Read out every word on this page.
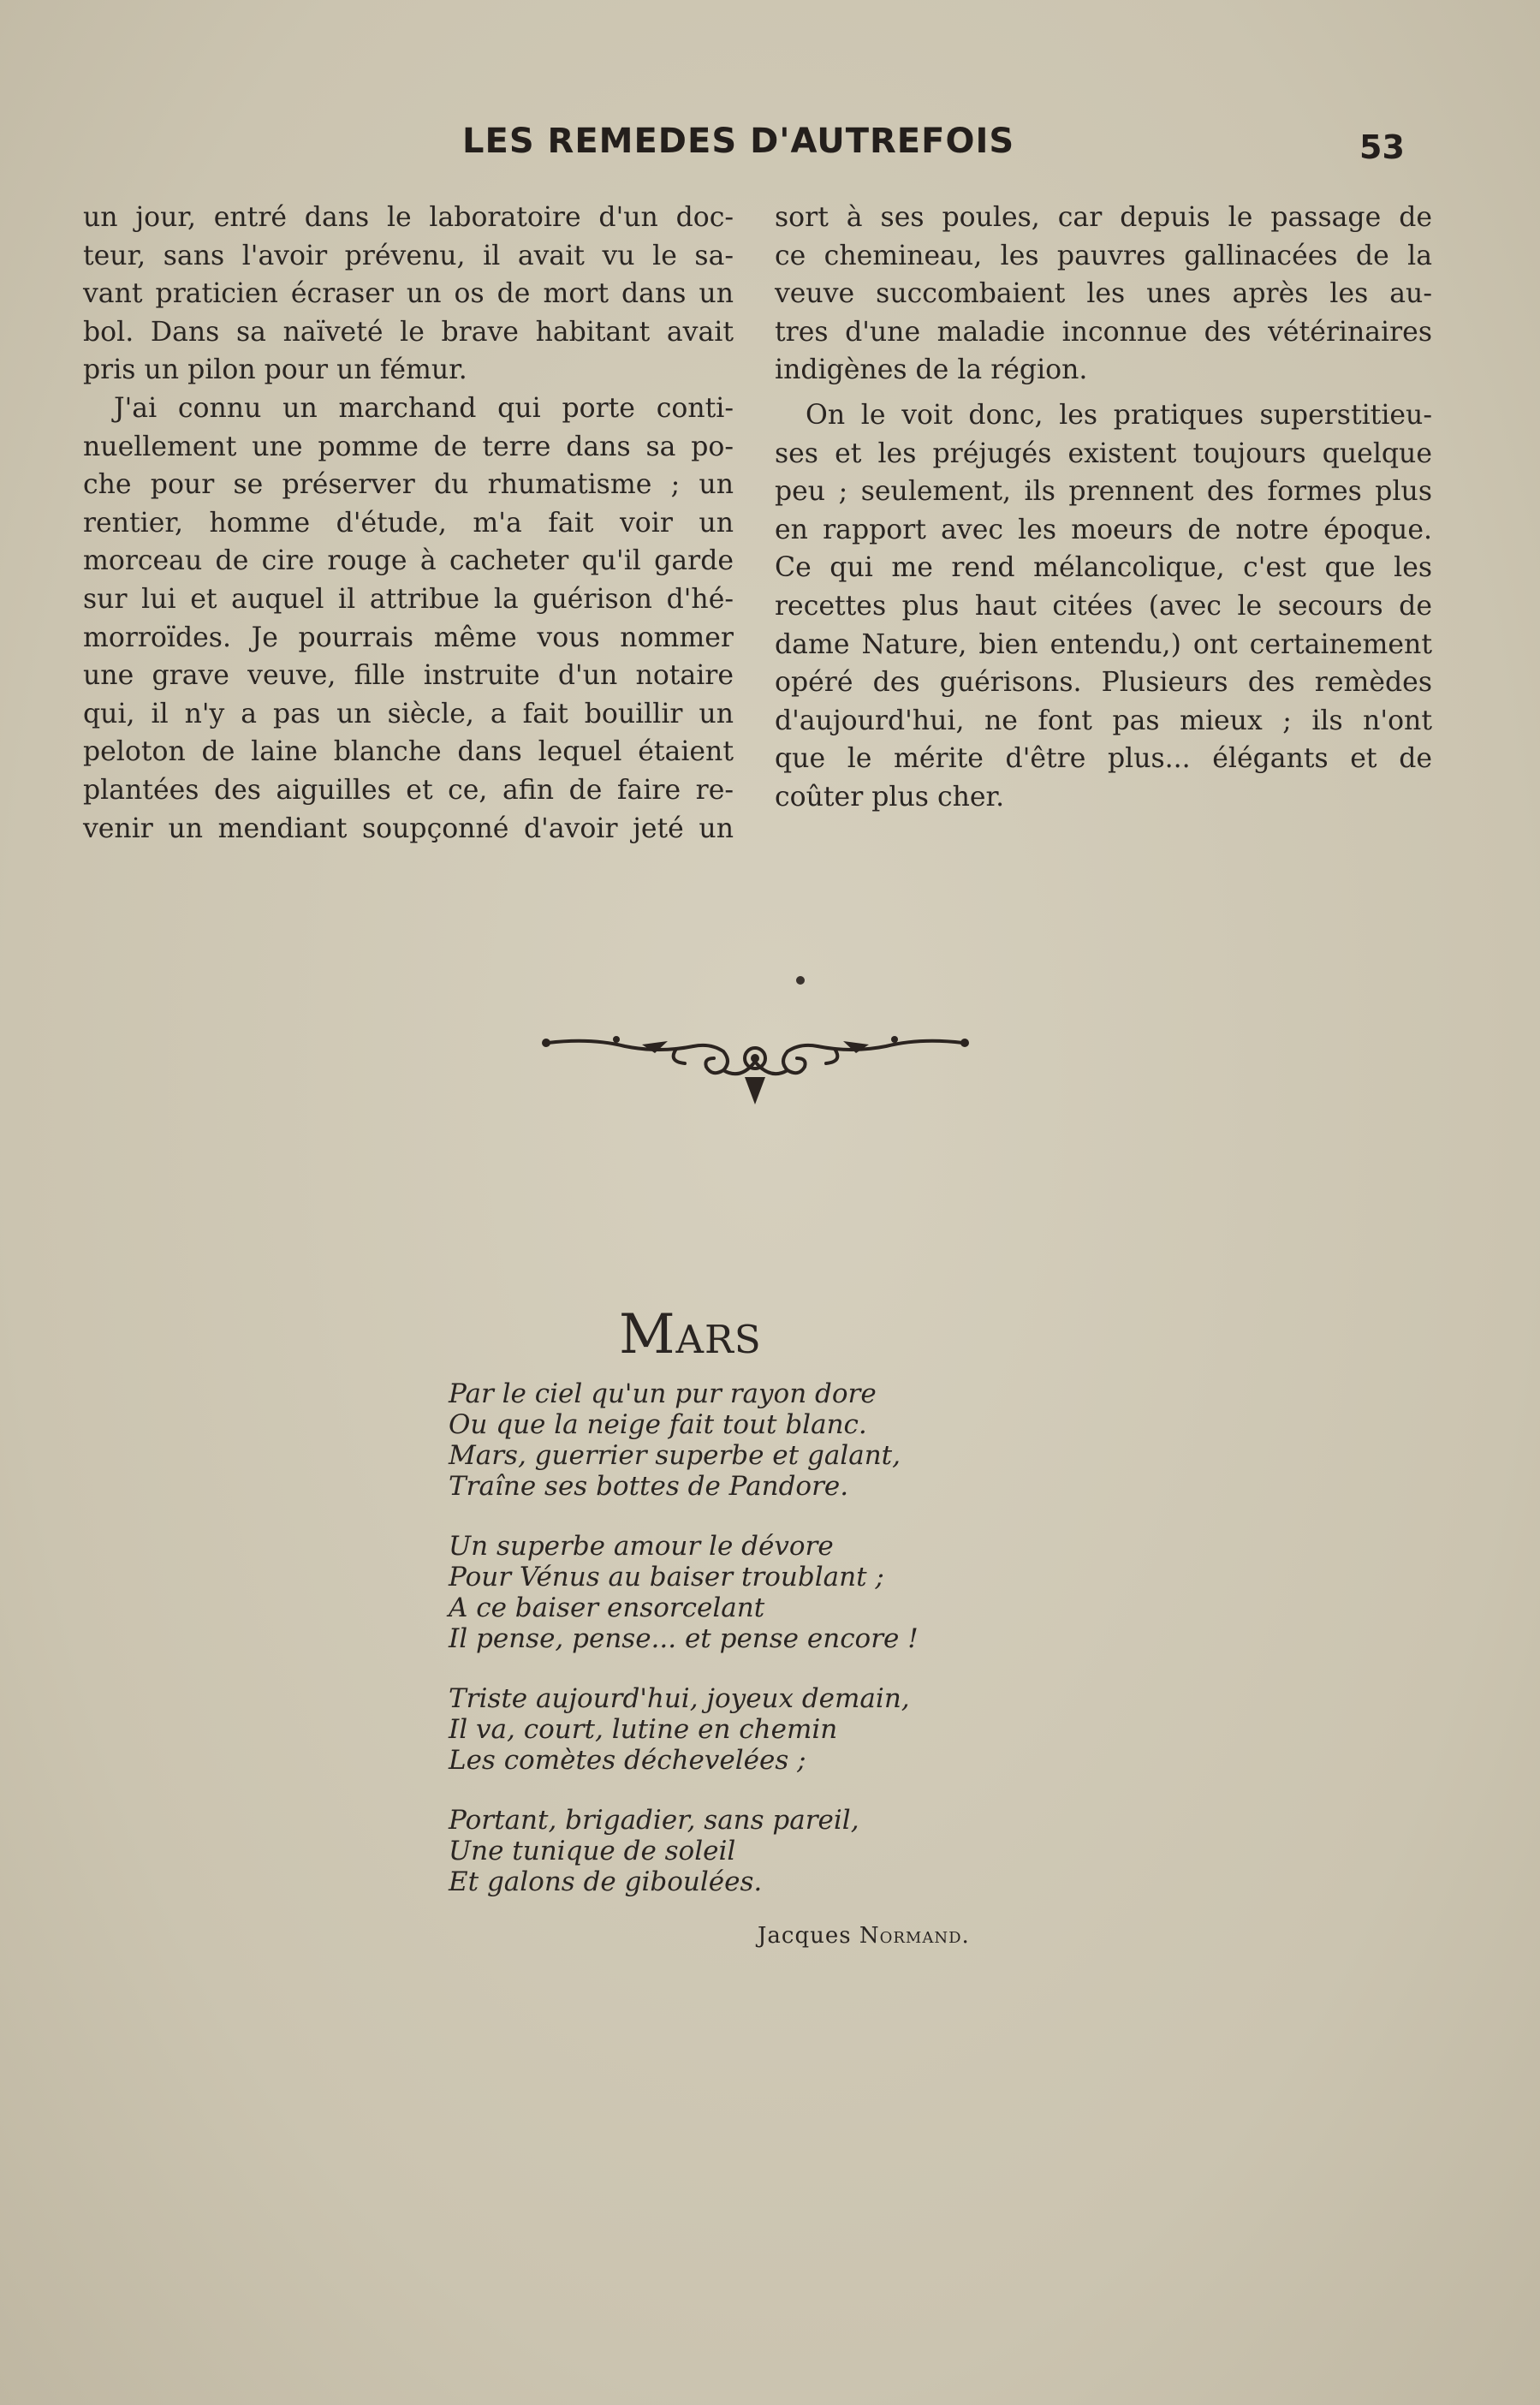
LES REMEDES D'AUTREFOIS	53
un jour, entré dans le laboratoire d'un doc-
teur, sans l'avoir prévenu, il avait vu le sa-
vant praticien écraser un os de mort dans un
bol. Dans sa naïveté le brave habitant avait
pris un pilon pour un fémur.
J'ai connu un marchand qui porte conti-
nuellement une pomme de terre dans sa po-
che pour se préserver du rhumatisme ; un
rentier, homme d'étude, m'a fait voir un
morceau de cire rouge à cacheter qu'il garde
sur lui et auquel il attribue la guérison d'hé-
morroïdes. Je pourrais même vous nommer
une grave veuve, fille instruite d'un notaire
qui, il n'y a pas un siècle, a fait bouillir un
peloton de laine blanche dans lequel étaient
plantées des aiguilles et ce, afin de faire re-
venir un mendiant soupçonné d'avoir jeté un
sort à ses poules, car depuis le passage de
ce chemineau, les pauvres gallinacées de la
veuve succombaient les unes après les au-
tres d'une maladie inconnue des vétérinaires
indigènes de la région.
On le voit donc, les pratiques superstitieu-
ses et les préjugés existent toujours quelque
peu ; seulement, ils prennent des formes plus
en rapport avec les moeurs de notre époque.
Ce qui me rend mélancolique, c'est que les
recettes plus haut citées (avec le secours de
dame Nature, bien entendu,) ont certainement
opéré des guérisons. Plusieurs des remèdes
d'aujourd'hui, ne font pas mieux ; ils n'ont
que le mérite d'être plus... élégants et de
coûter plus cher.
Mars
Par le ciel qu'un pur rayon dore
Ou que la neige fait tout blanc.
Mars, guerrier superbe et galant,
Traîne ses bottes de Pandore.
Un superbe amour le dévore
Pour Vénus au baiser troublant ;
A ce baiser ensorcelant
Il pense, pense... et pense encore !
Triste aujourd'hui, joyeux demain,
Il va, court, lutine en chemin
Les comètes déchevelées ;
Portant, brigadier, sans pareil,
Une tunique de soleil
Et galons de giboulées.
Jacques Normand.
